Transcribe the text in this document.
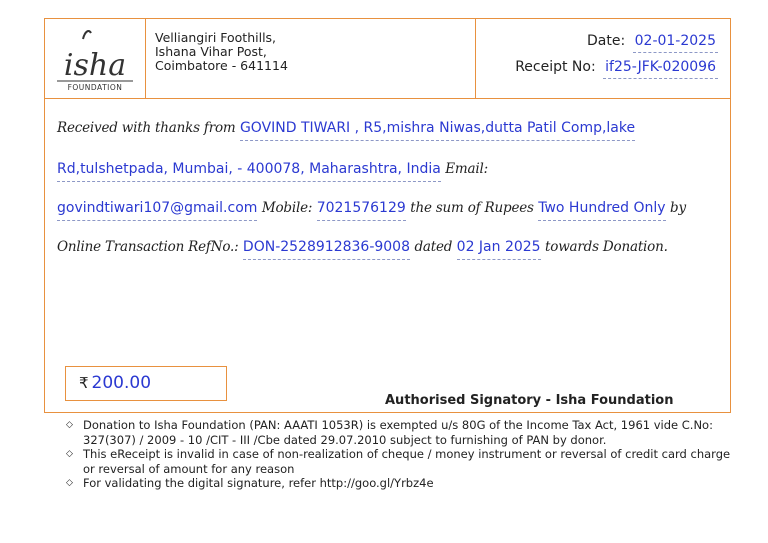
isha
FOUNDATION
Velliangiri Foothills,
Ishana Vihar Post,
Coimbatore - 641114
Date: 02-01-2025
Receipt No: if25-JFK-020096
Received with thanks from GOVIND TIWARI , R5,mishra Niwas,dutta Patil Comp,lake
Rd,tulshetpada, Mumbai, - 400078, Maharashtra, India Email:
govindtiwari107@gmail.com Mobile: 7021576129 the sum of Rupees Two Hundred Only by
Online Transaction RefNo.: DON-2528912836-9008 dated 02 Jan 2025 towards Donation.
₹ 200.00
Authorised Signatory - Isha Foundation
◇ Donation to Isha Foundation (PAN: AAATI 1053R) is exempted u/s 80G of the Income Tax Act, 1961 vide C.No: 327(307) / 2009 - 10 /CIT - III /Cbe dated 29.07.2010 subject to furnishing of PAN by donor.
◇ This eReceipt is invalid in case of non-realization of cheque / money instrument or reversal of credit card charge or reversal of amount for any reason
◇ For validating the digital signature, refer http://goo.gl/Yrbz4e
